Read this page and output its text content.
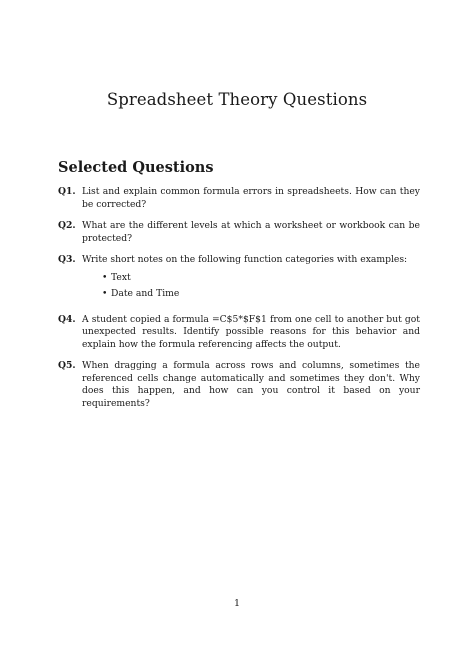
Spreadsheet Theory Questions
Selected Questions
Q1. List and explain common formula errors in spreadsheets. How can they be corrected?
Q2. What are the different levels at which a worksheet or workbook can be protected?
Q3. Write short notes on the following function categories with examples:
• Text
• Date and Time
Q4. A student copied a formula =C$5*$F$1 from one cell to another but got unexpected results. Identify possible reasons for this behavior and explain how the formula referencing affects the output.
Q5. When dragging a formula across rows and columns, sometimes the referenced cells change automatically and sometimes they don't. Why does this happen, and how can you control it based on your requirements?
1
